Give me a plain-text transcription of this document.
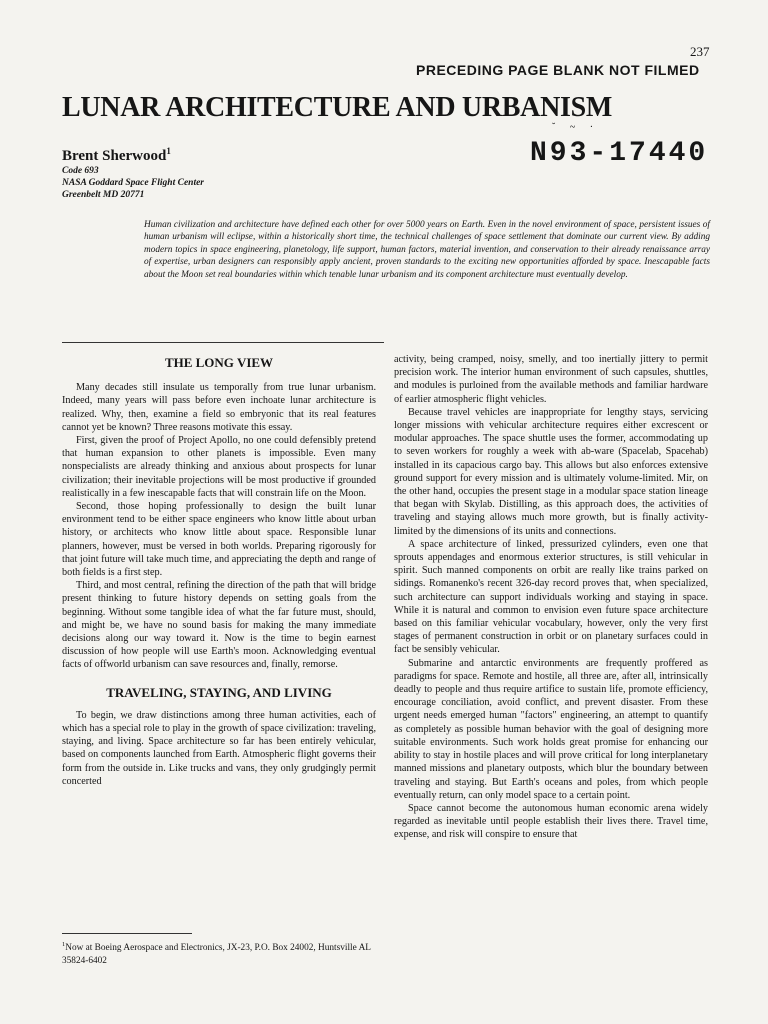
237
PRECEDING PAGE BLANK NOT FILMED
˘ ~ ·
LUNAR ARCHITECTURE AND URBANISM
N93-17440
Brent Sherwood$^1$
Code 693
NASA Goddard Space Flight Center
Greenbelt MD 20771
Human civilization and architecture have defined each other for over 5000 years on Earth. Even in the novel environment of space, persistent issues of human urbanism will eclipse, within a historically short time, the technical challenges of space settlement that dominate our current view. By adding modern topics in space engineering, planetology, life support, human factors, material invention, and conservation to their already renaissance array of expertise, urban designers can responsibly apply ancient, proven standards to the exciting new opportunities afforded by space. Inescapable facts about the Moon set real boundaries within which tenable lunar urbanism and its component architecture must eventually develop.

THE LONG VIEW

Many decades still insulate us temporally from true lunar urbanism. Indeed, many years will pass before even inchoate lunar architecture is realized. Why, then, examine a field so embryonic that its real features cannot yet be known? Three reasons motivate this essay.

First, given the proof of Project Apollo, no one could defensibly pretend that human expansion to other planets is impossible. Even many nonspecialists are already thinking and anxious about prospects for lunar civilization; their inevitable projections will be most productive if grounded realistically in a few inescapable facts that will constrain life on the Moon.

Second, those hoping professionally to design the built lunar environment tend to be either space engineers who know little about urban history, or architects who know little about space. Responsible lunar planners, however, must be versed in both worlds. Preparing rigorously for that joint future will take much time, and appreciating the depth and range of both fields is a first step.

Third, and most central, refining the direction of the path that will bridge present thinking to future history depends on setting goals from the beginning. Without some tangible idea of what the far future must, should, and might be, we have no sound basis for making the many immediate decisions along our way toward it. Now is the time to begin earnest discussion of how people will use Earth's moon. Acknowledging eventual facts of offworld urbanism can save resources and, finally, remorse.

TRAVELING, STAYING, AND LIVING

To begin, we draw distinctions among three human activities, each of which has a special role to play in the growth of space civilization: traveling, staying, and living. Space architecture so far has been entirely vehicular, based on components launched from Earth. Atmospheric flight governs their form from the outside in. Like trucks and vans, they only grudgingly permit concerted

$^1$Now at Boeing Aerospace and Electronics, JX-23, P.O. Box 24002, Huntsville AL 35824-6402

activity, being cramped, noisy, smelly, and too inertially jittery to permit precision work. The interior human environment of such capsules, shuttles, and modules is purloined from the available methods and familiar hardware of earlier atmospheric flight vehicles.

Because travel vehicles are inappropriate for lengthy stays, servicing longer missions with vehicular architecture requires either excrescent or modular approaches. The space shuttle uses the former, accommodating up to seven workers for roughly a week with ab-ware (Spacelab, Spacehab) installed in its capacious cargo bay. This allows but also enforces extensive ground support for every mission and is ultimately volume-limited. Mir, on the other hand, occupies the present stage in a modular space station lineage that began with Skylab. Distilling, as this approach does, the activities of traveling and staying allows much more growth, but is finally activity-limited by the dimensions of its units and connections.

A space architecture of linked, pressurized cylinders, even one that sprouts appendages and enormous exterior structures, is still vehicular in spirit. Such manned components on orbit are really like trains parked on sidings. Romanenko's recent 326-day record proves that, when specialized, such architecture can support individuals working and staying in space. While it is natural and common to envision even future space architecture based on this familiar vehicular vocabulary, however, only the very first stages of permanent construction in orbit or on planetary surfaces could in fact be sensibly vehicular.

Submarine and antarctic environments are frequently proffered as paradigms for space. Remote and hostile, all three are, after all, intrinsically deadly to people and thus require artifice to sustain life, promote efficiency, encourage conciliation, avoid conflict, and prevent disaster. From these urgent needs emerged human "factors" engineering, an attempt to quantify as completely as possible human behavior with the goal of designing more suitable environments. Such work holds great promise for enhancing our ability to stay in hostile places and will prove critical for long interplanetary manned missions and planetary outposts, which blur the boundary between traveling and staying. But Earth's oceans and poles, from which people eventually return, can only model space to a certain point.

Space cannot become the autonomous human economic arena widely regarded as inevitable until people establish their lives there. Travel time, expense, and risk will conspire to ensure that
